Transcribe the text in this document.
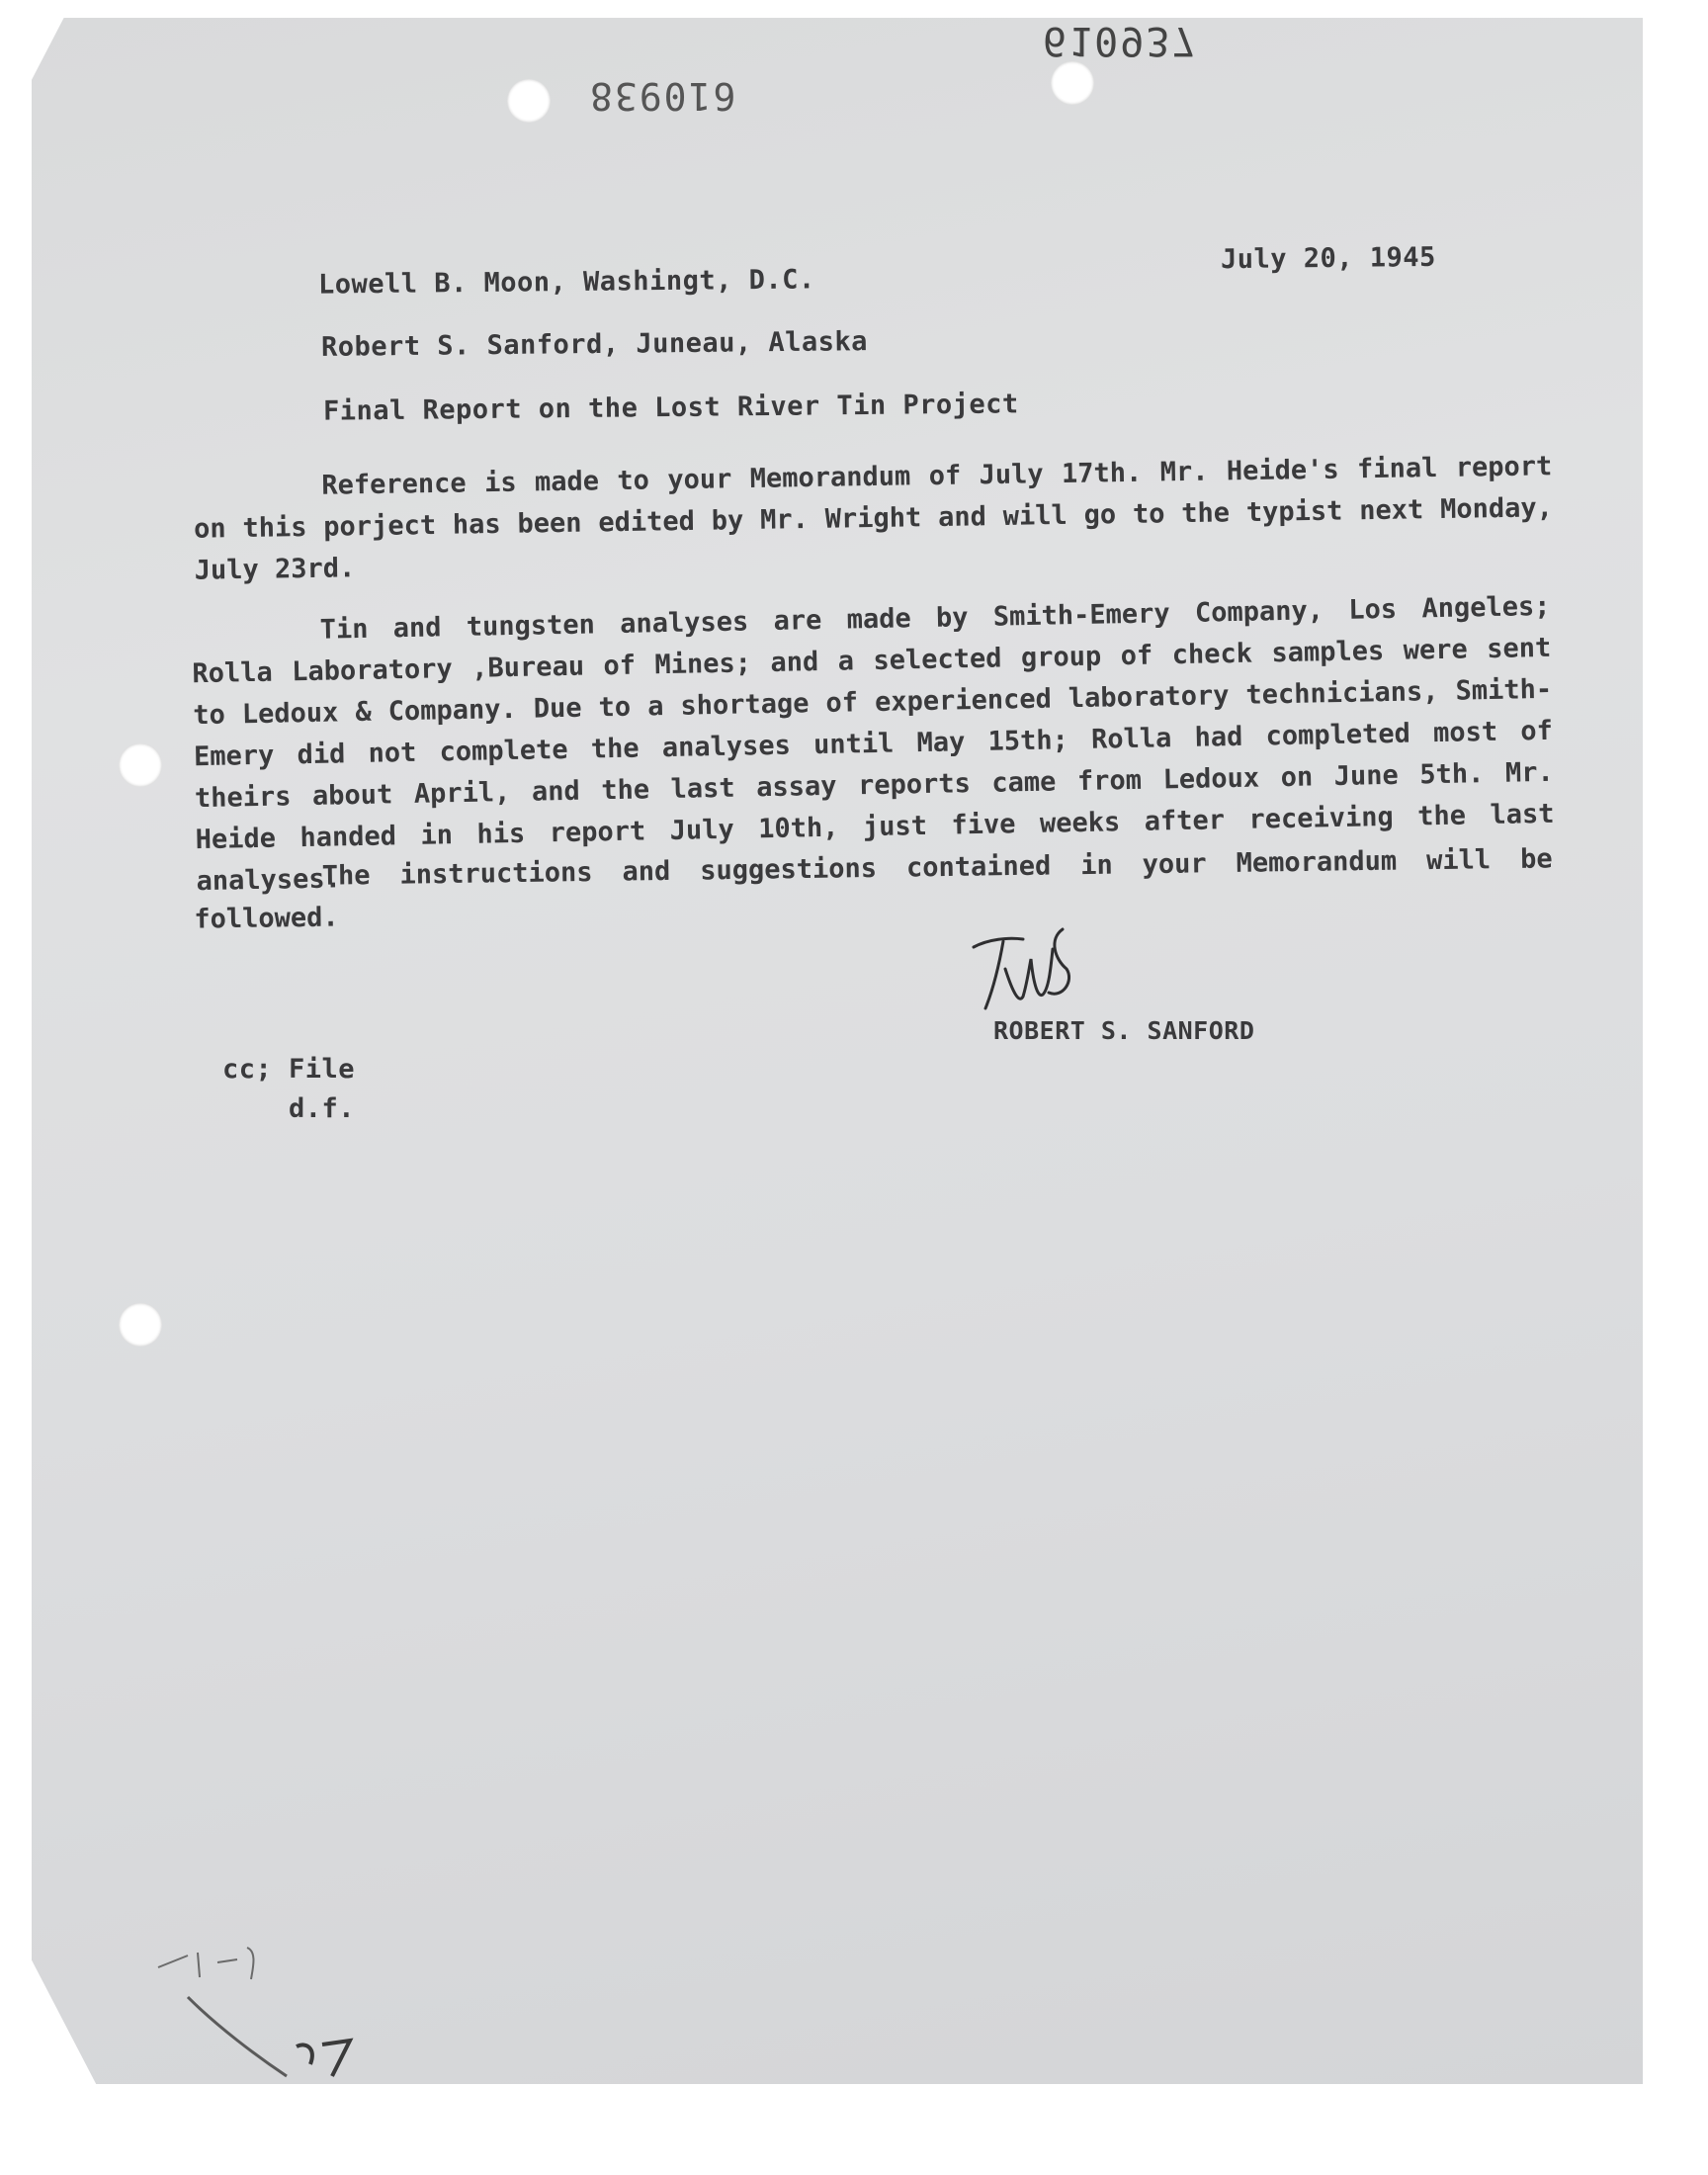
610937
610938

July 20, 1945

Lowell B. Moon, Washingt, D.C.

Robert S. Sanford, Juneau, Alaska

Final Report on the Lost River Tin Project

Reference is made to your Memorandum of July 17th. Mr. Heide's final report on this porject has been edited by Mr. Wright and will go to the typist next Monday, July 23rd.

Tin and tungsten analyses are made by Smith-Emery Company, Los Angeles; Rolla Laboratory ,Bureau of Mines; and a selected group of check samples were sent to Ledoux & Company. Due to a shortage of experienced laboratory technicians, Smith-Emery did not complete the analyses until May 15th; Rolla had completed most of theirs about April, and the last assay reports came from Ledoux on June 5th. Mr. Heide handed in his report July 10th, just five weeks after receiving the last analyses.

The instructions and suggestions contained in your Memorandum will be followed.

ROBERT S. SANFORD

cc; File

d.f.
